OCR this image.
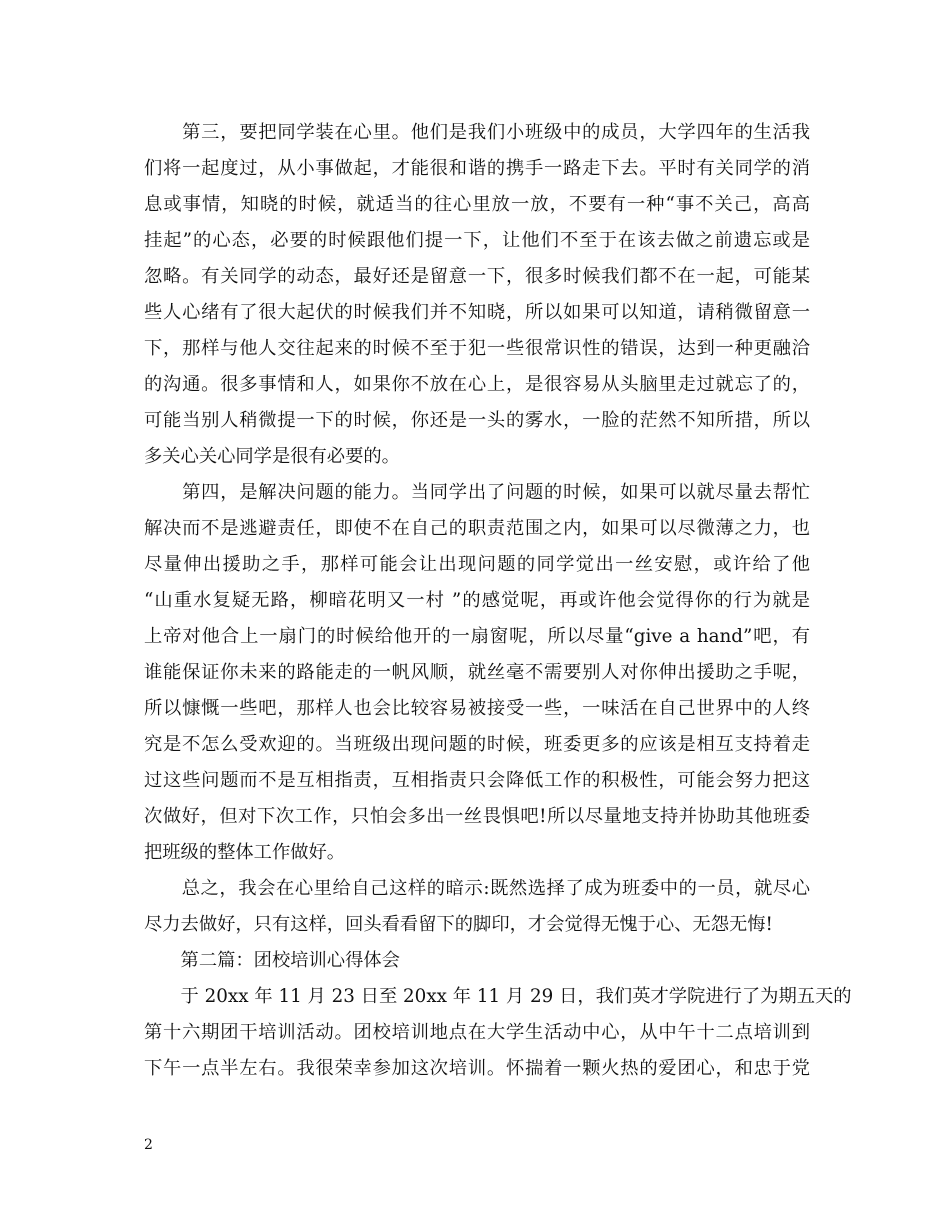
　　第三，要把同学装在心里。他们是我们小班级中的成员，大学四年的生活我
们将一起度过，从小事做起，才能很和谐的携手一路走下去。平时有关同学的消
息或事情，知晓的时候，就适当的往心里放一放，不要有一种“事不关己，高高
挂起”的心态，必要的时候跟他们提一下，让他们不至于在该去做之前遗忘或是
忽略。有关同学的动态，最好还是留意一下，很多时候我们都不在一起，可能某
些人心绪有了很大起伏的时候我们并不知晓，所以如果可以知道，请稍微留意一
下，那样与他人交往起来的时候不至于犯一些很常识性的错误，达到一种更融洽
的沟通。很多事情和人，如果你不放在心上，是很容易从头脑里走过就忘了的，
可能当别人稍微提一下的时候，你还是一头的雾水，一脸的茫然不知所措，所以
多关心关心同学是很有必要的。
　　第四，是解决问题的能力。当同学出了问题的时候，如果可以就尽量去帮忙
解决而不是逃避责任，即使不在自己的职责范围之内，如果可以尽微薄之力，也
尽量伸出援助之手，那样可能会让出现问题的同学觉出一丝安慰，或许给了他
“山重水复疑无路，柳暗花明又一村 ”的感觉呢，再或许他会觉得你的行为就是
上帝对他合上一扇门的时候给他开的一扇窗呢，所以尽量“give a hand”吧，有
谁能保证你未来的路能走的一帆风顺，就丝毫不需要别人对你伸出援助之手呢，
所以慷慨一些吧，那样人也会比较容易被接受一些，一味活在自己世界中的人终
究是不怎么受欢迎的。当班级出现问题的时候，班委更多的应该是相互支持着走
过这些问题而不是互相指责，互相指责只会降低工作的积极性，可能会努力把这
次做好，但对下次工作，只怕会多出一丝畏惧吧!所以尽量地支持并协助其他班委
把班级的整体工作做好。
　　总之，我会在心里给自己这样的暗示:既然选择了成为班委中的一员，就尽心
尽力去做好，只有这样，回头看看留下的脚印，才会觉得无愧于心、无怨无悔!
　　第二篇：团校培训心得体会
　　于 20xx 年 11 月 23 日至 20xx 年 11 月 29 日，我们英才学院进行了为期五天的
第十六期团干培训活动。团校培训地点在大学生活动中心，从中午十二点培训到
下午一点半左右。我很荣幸参加这次培训。怀揣着一颗火热的爱团心，和忠于党
2
